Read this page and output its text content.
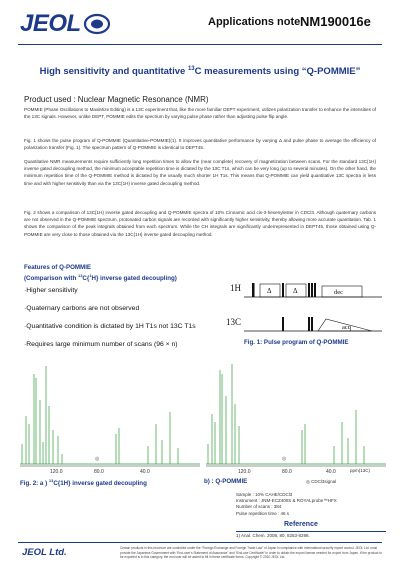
JEOL	Applications note NM190016e
High sensitivity and quantitative $^{13}$C measurements using “Q-POMMIE”
Product used : Nuclear Magnetic Resonance (NMR)
POMMIE (Phase Oscillations to MaxiMize Editing) is a 13C experiment that, like the more familiar DEPT experiment, utilizes polarization transfer to enhance the intensities of the 13C signals. However, unlike DEPT, POMMIE edits the spectrum by varying pulse phase rather than adjusting pulse flip angle.
Fig. 1 shows the pulse program of Q-POMMIE (Quantitative-POMMIE)(1). It improves quantitative performance by varying Δ and pulse phase to average the efficiency of polarization transfer (Fig. 1). The spectrum pattern of Q-POMMIE is identical to DEPT45.
Quantitative NMR measurements require sufficiently long repetition times to allow the (near complete) recovery of magnetization between scans. For the standard 13C{1H} inverse gated decoupling method, the minimum acceptable repetition time is dictated by the 13C T1s, which can be very long (up to several minutes). On the other hand, the minimum repetition time of the Q-POMMIE method is dictated by the usually much shorter 1H T1s. This means that Q-POMMIE can yield quantitative 13C spectra in less time and with higher sensitivity than via the 13C{1H} inverse gated decoupling method.
Fig. 2 shows a comparison of 13C{1H} inverse gated decoupling and Q-POMMIE spectra of 10% Cinnamic acid cis-3-hexenylester in CDCl3. Although quaternary carbons are not observed in the Q-POMMIE spectrum, protonated carbon signals are recorded with significantly higher sensitivity, thereby allowing more accurate quantitation. Tab. 1 shows the comparison of the peak integrals obtained from each spectrum. While the CH integrals are significantly underrepresented in DEPT45, those obtained using Q-POMMIE are very close to those obtained via the 13C{1H} inverse gated decoupling method.
Features of Q-POMMIE
(Comparison with $^{13}$C{$^1$H} inverse gated decoupling)
·Higher sensitivity
·Quaternary carbons are not observed
·Quantitative condition is dictated by 1H T1s not 13C T1s
·Requires large minimum number of scans (96 × n)
1H	Δ	Δ	dec
13C
acq
Fig. 1: Pulse program of Q-POMMIE
120.0	80.0	40.0	120.0	80.0	40.0
◎	◎
ppm(13C)
Fig. 2: a ) $^{13}$C{1H} inverse gated decoupling	b) : Q-POMMIE	◎ CDCl3signal
Sample : 10% CAHE/CDCl3
Instrument : JNM-ECZ400S & ROYALprobe™HFX
Number of scans : 384
Pulse repetition time : 46 s
Reference
1) Anal. Chem. 2008, 80, 8253-8298.
JEOL Ltd.	Certain products in this brochure are controlled under the “Foreign Exchange and Foreign Trade Law” of Japan in compliance with international security export control. JEOL Ltd. must provide the Japanese Government with “End-user's Statement of Assurance” and “End-use Certificate” in order to obtain the export license needed for export from Japan. If the product to be exported is in this category, the end user will be asked to fill in these certificate forms. Copyright © 2020 JEOL Ltd.
